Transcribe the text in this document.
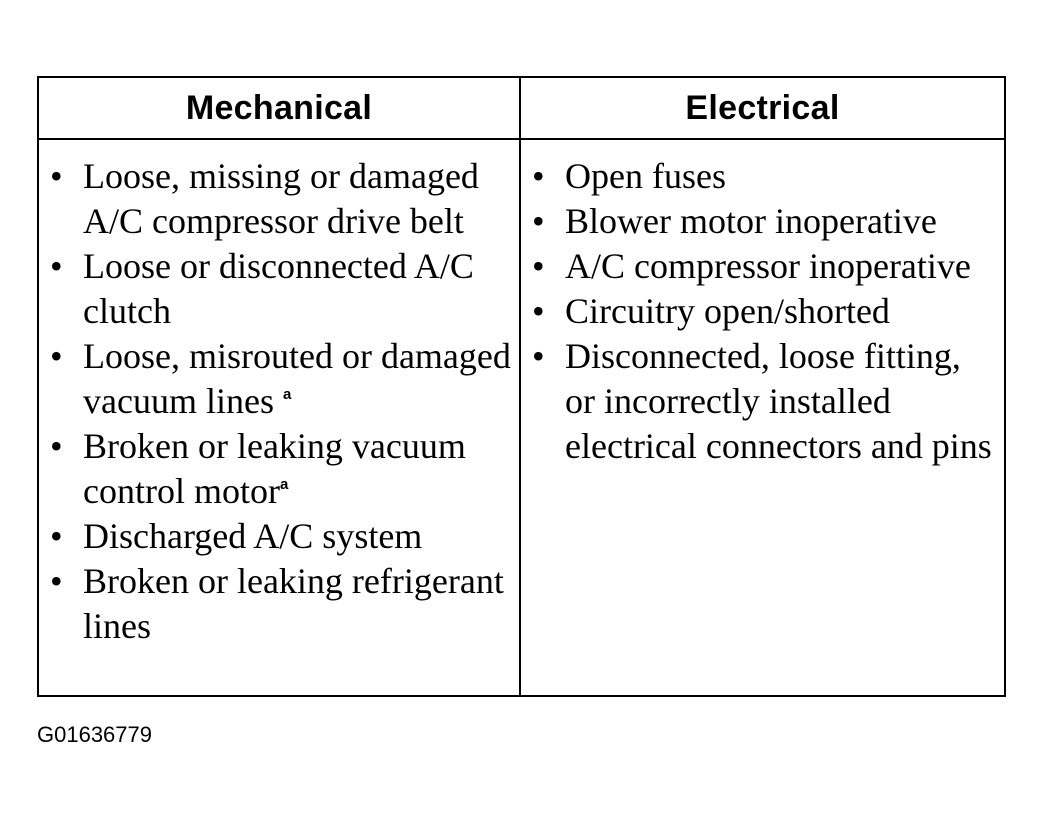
Mechanical	Electrical
• Loose, missing or damaged A/C compressor drive belt
• Loose or disconnected A/C clutch
• Loose, misrouted or damaged vacuum lines $^a$
• Broken or leaking vacuum control motor$^a$
• Discharged A/C system
• Broken or leaking refrigerant lines
• Open fuses
• Blower motor inoperative
• A/C compressor inoperative
• Circuitry open/shorted
• Disconnected, loose fitting, or incorrectly installed electrical connectors and pins
G01636779
